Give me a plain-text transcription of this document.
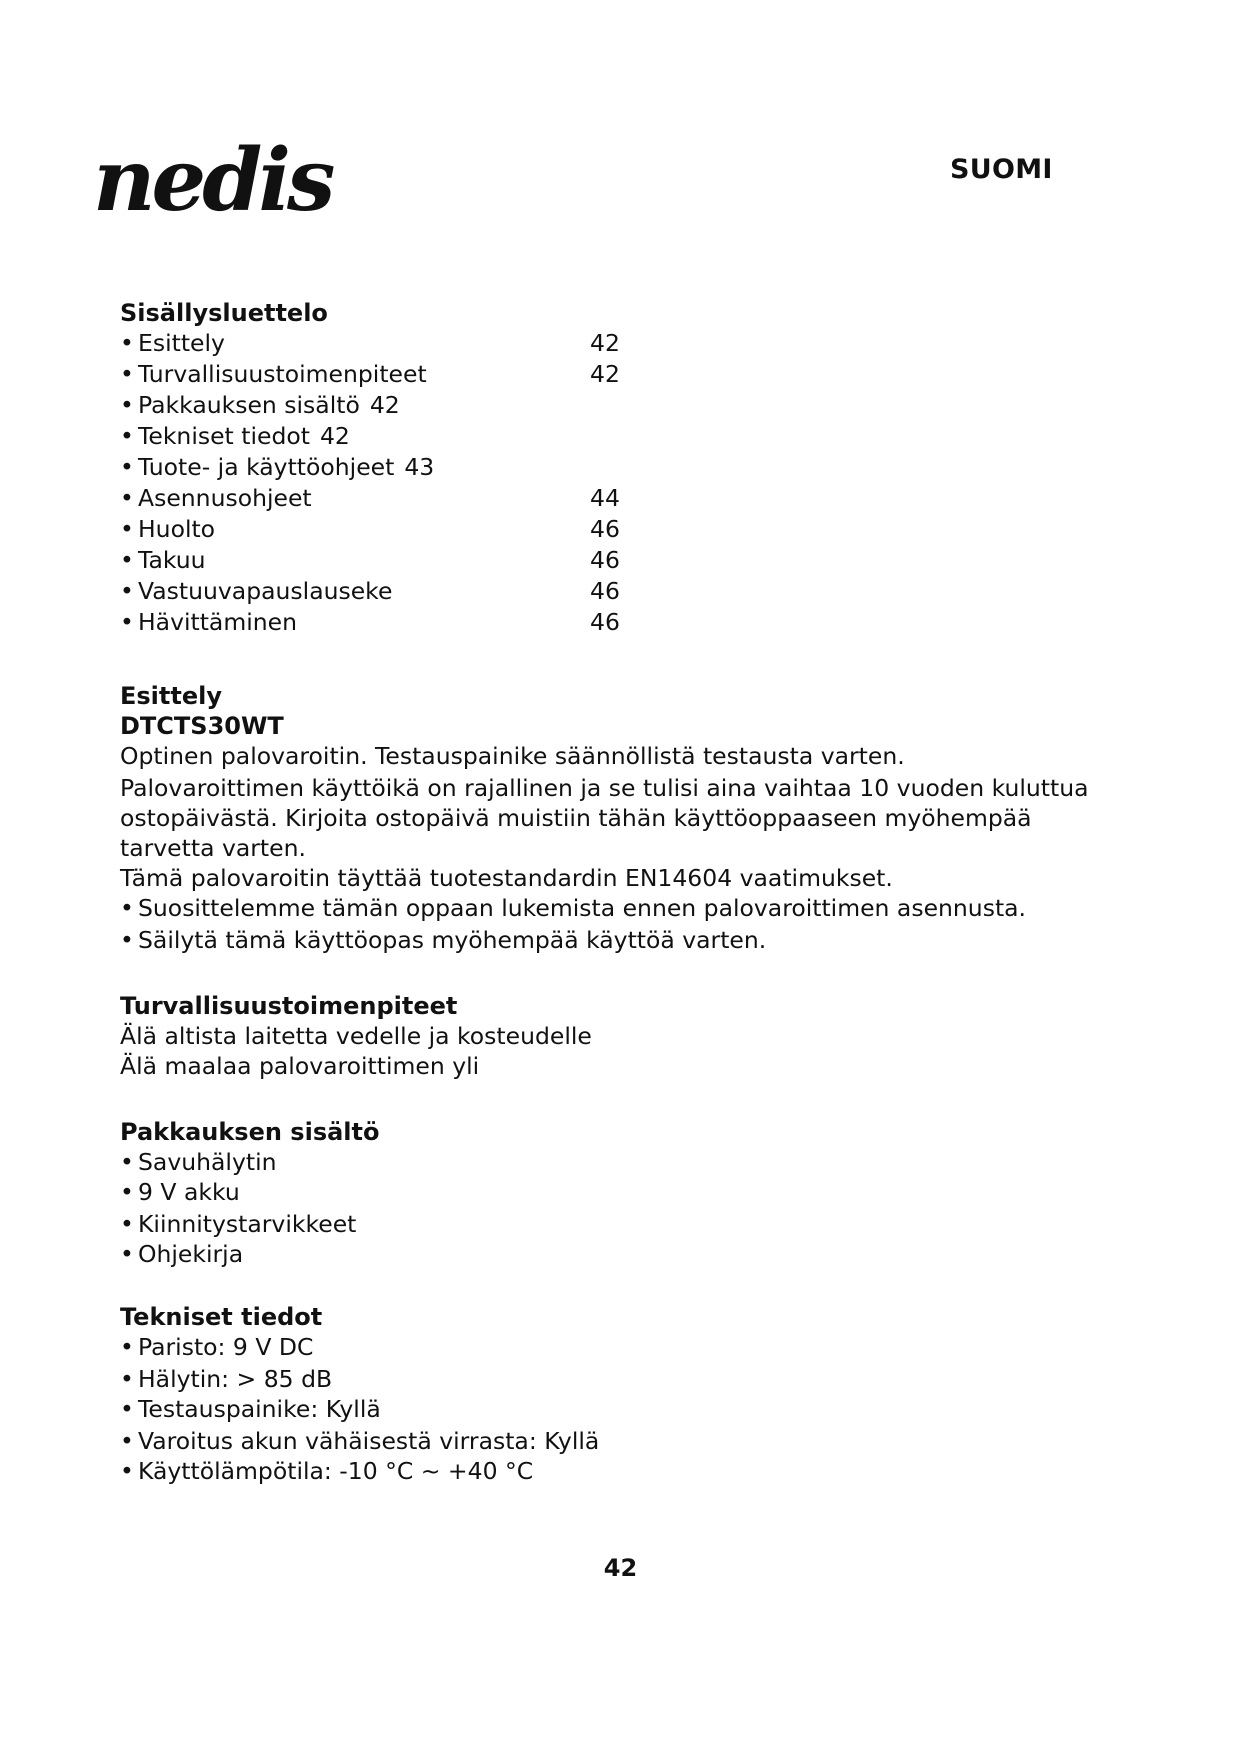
nedis	SUOMI
Sisällysluettelo
• Esittely	42
• Turvallisuustoimenpiteet	42
• Pakkauksen sisältö 42
• Tekniset tiedot 42
• Tuote- ja käyttöohjeet 43
• Asennusohjeet	44
• Huolto	46
• Takuu	46
• Vastuuvapauslauseke	46
• Hävittäminen	46
Esittely
DTCTS30WT

Optinen palovaroitin. Testauspainike säännöllistä testausta varten.

Palovaroittimen käyttöikä on rajallinen ja se tulisi aina vaihtaa 10 vuoden kuluttua

ostopäivästä. Kirjoita ostopäivä muistiin tähän käyttöoppaaseen myöhempää

tarvetta varten.

Tämä palovaroitin täyttää tuotestandardin EN14604 vaatimukset.

• Suosittelemme tämän oppaan lukemista ennen palovaroittimen asennusta.
• Säilytä tämä käyttöopas myöhempää käyttöä varten.
Turvallisuustoimenpiteet

Älä altista laitetta vedelle ja kosteudelle

Älä maalaa palovaroittimen yli

Pakkauksen sisältö
• Savuhälytin
• 9 V akku
• Kiinnitystarvikkeet
• Ohjekirja
Tekniset tiedot
• Paristo: 9 V DC
• Hälytin: > 85 dB
• Testauspainike: Kyllä
• Varoitus akun vähäisestä virrasta: Kyllä
• Käyttölämpötila: -10 °C ~ +40 °C
42
